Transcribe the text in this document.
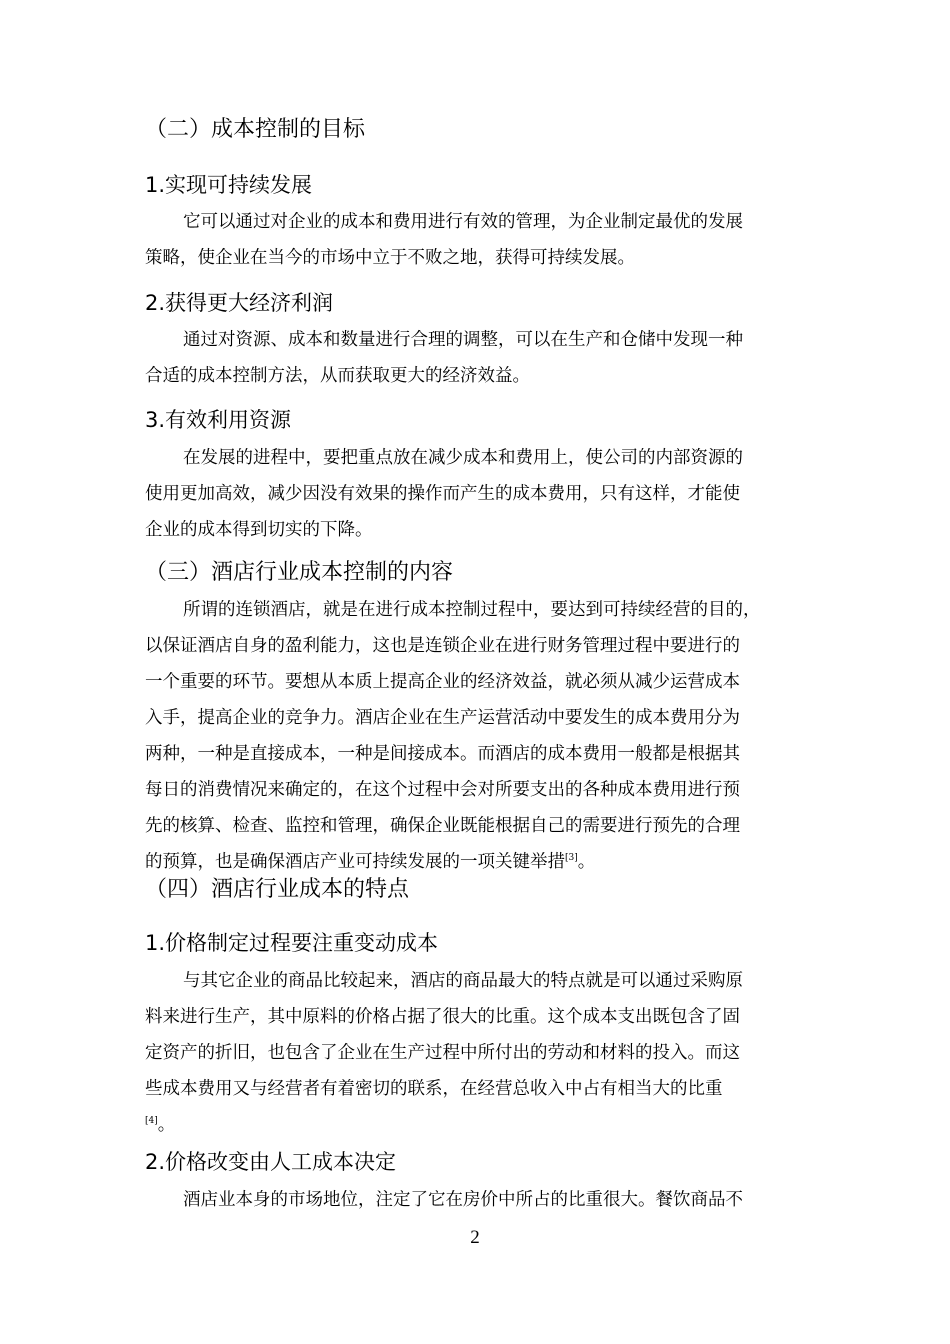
（二）成本控制的目标
1.实现可持续发展
它可以通过对企业的成本和费用进行有效的管理，为企业制定最优的发展
策略，使企业在当今的市场中立于不败之地，获得可持续发展。
2.获得更大经济利润
通过对资源、成本和数量进行合理的调整，可以在生产和仓储中发现一种
合适的成本控制方法，从而获取更大的经济效益。
3.有效利用资源
在发展的进程中，要把重点放在减少成本和费用上，使公司的内部资源的
使用更加高效，减少因没有效果的操作而产生的成本费用，只有这样，才能使
企业的成本得到切实的下降。
（三）酒店行业成本控制的内容
所谓的连锁酒店，就是在进行成本控制过程中，要达到可持续经营的目的，
以保证酒店自身的盈利能力，这也是连锁企业在进行财务管理过程中要进行的
一个重要的环节。要想从本质上提高企业的经济效益，就必须从减少运营成本
入手，提高企业的竞争力。酒店企业在生产运营活动中要发生的成本费用分为
两种，一种是直接成本，一种是间接成本。而酒店的成本费用一般都是根据其
每日的消费情况来确定的，在这个过程中会对所要支出的各种成本费用进行预
先的核算、检查、监控和管理，确保企业既能根据自己的需要进行预先的合理
的预算，也是确保酒店产业可持续发展的一项关键举措[3]。
（四）酒店行业成本的特点
1.价格制定过程要注重变动成本
与其它企业的商品比较起来，酒店的商品最大的特点就是可以通过采购原
料来进行生产，其中原料的价格占据了很大的比重。这个成本支出既包含了固
定资产的折旧，也包含了企业在生产过程中所付出的劳动和材料的投入。而这
些成本费用又与经营者有着密切的联系，在经营总收入中占有相当大的比重
[4]。
2.价格改变由人工成本决定
酒店业本身的市场地位，注定了它在房价中所占的比重很大。餐饮商品不
2
